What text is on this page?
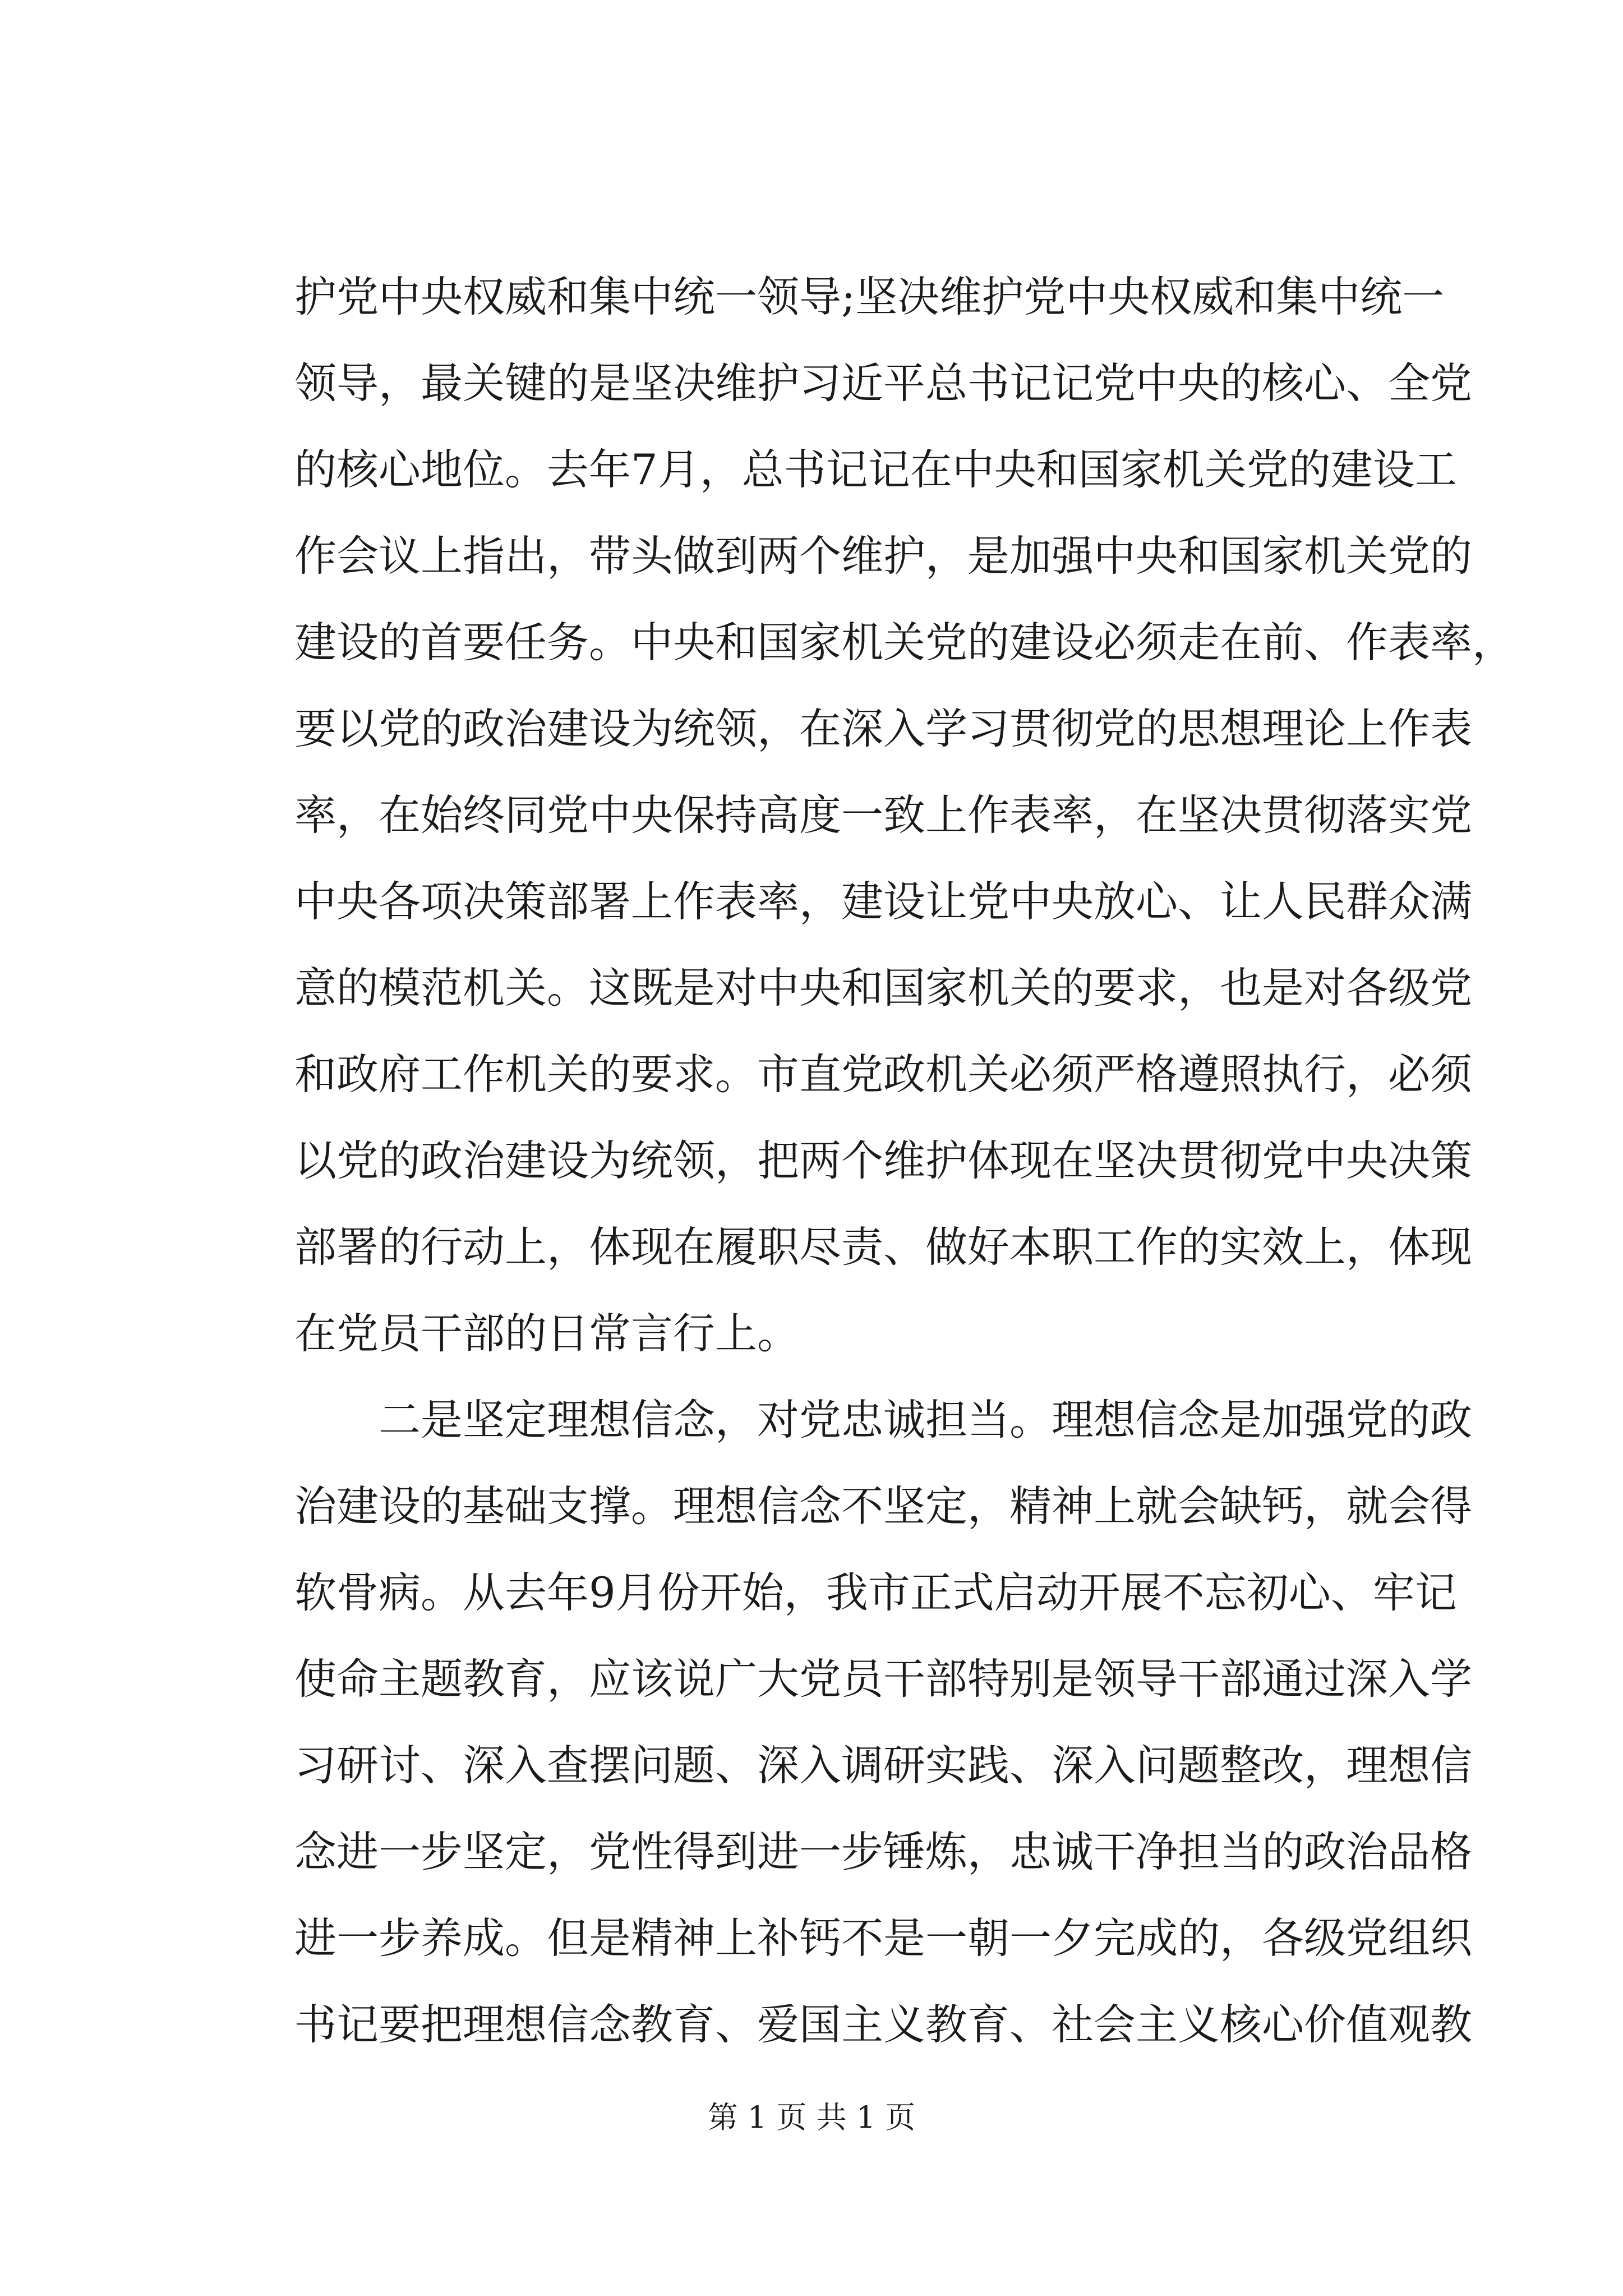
护党中央权威和集中统一领导;坚决维护党中央权威和集中统一
领导，最关键的是坚决维护习近平总书记记党中央的核心、全党
的核心地位。去年7月，总书记记在中央和国家机关党的建设工
作会议上指出，带头做到两个维护，是加强中央和国家机关党的
建设的首要任务。中央和国家机关党的建设必须走在前、作表率，
要以党的政治建设为统领，在深入学习贯彻党的思想理论上作表
率，在始终同党中央保持高度一致上作表率，在坚决贯彻落实党
中央各项决策部署上作表率，建设让党中央放心、让人民群众满
意的模范机关。这既是对中央和国家机关的要求，也是对各级党
和政府工作机关的要求。市直党政机关必须严格遵照执行，必须
以党的政治建设为统领，把两个维护体现在坚决贯彻党中央决策
部署的行动上，体现在履职尽责、做好本职工作的实效上，体现
在党员干部的日常言行上。
　　二是坚定理想信念，对党忠诚担当。理想信念是加强党的政
治建设的基础支撑。理想信念不坚定，精神上就会缺钙，就会得
软骨病。从去年9月份开始，我市正式启动开展不忘初心、牢记
使命主题教育，应该说广大党员干部特别是领导干部通过深入学
习研讨、深入查摆问题、深入调研实践、深入问题整改，理想信
念进一步坚定，党性得到进一步锤炼，忠诚干净担当的政治品格
进一步养成。但是精神上补钙不是一朝一夕完成的，各级党组织
书记要把理想信念教育、爱国主义教育、社会主义核心价值观教
第 1 页 共 1 页
